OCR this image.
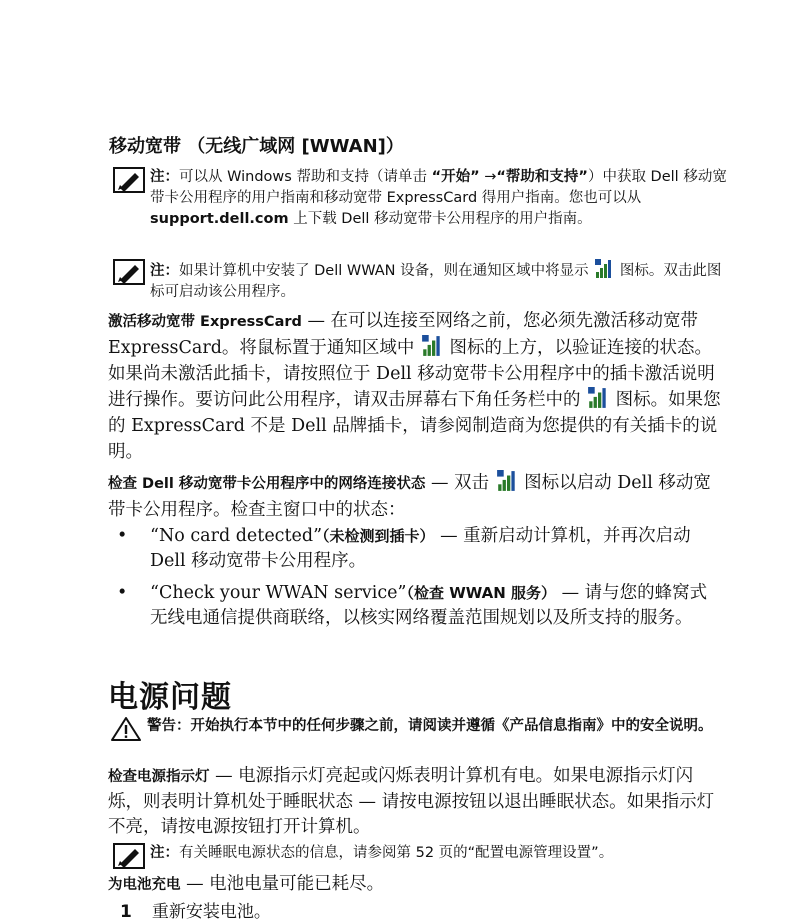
移动宽带 （无线广域网 [WWAN]）
注：可以从 Windows 帮助和支持（请单击 “开始” →“帮助和支持”）中获取 Dell 移动宽带卡公用程序的用户指南和移动宽带 ExpressCard 得用户指南。您也可以从 support.dell.com 上下载 Dell 移动宽带卡公用程序的用户指南。
注：如果计算机中安装了 Dell WWAN 设备，则在通知区域中将显示  图标。双击此图标可启动该公用程序。
激活移动宽带 ExpressCard — 在可以连接至网络之前，您必须先激活移动宽带 ExpressCard。将鼠标置于通知区域中  图标的上方，以验证连接的状态。如果尚未激活此插卡，请按照位于 Dell 移动宽带卡公用程序中的插卡激活说明进行操作。要访问此公用程序，请双击屏幕右下角任务栏中的  图标。如果您的 ExpressCard 不是 Dell 品牌插卡，请参阅制造商为您提供的有关插卡的说明。
检查 Dell 移动宽带卡公用程序中的网络连接状态 — 双击  图标以启动 Dell 移动宽带卡公用程序。检查主窗口中的状态：
• “No card detected”（未检测到插卡） — 重新启动计算机，并再次启动 Dell 移动宽带卡公用程序。
• “Check your WWAN service”（检查 WWAN 服务） — 请与您的蜂窝式无线电通信提供商联络，以核实网络覆盖范围规划以及所支持的服务。
电源问题
警告：开始执行本节中的任何步骤之前，请阅读并遵循《产品信息指南》中的安全说明。
检查电源指示灯 — 电源指示灯亮起或闪烁表明计算机有电。如果电源指示灯闪烁，则表明计算机处于睡眠状态 — 请按电源按钮以退出睡眠状态。如果指示灯不亮，请按电源按钮打开计算机。
注：有关睡眠电源状态的信息，请参阅第 52 页的“配置电源管理设置”。
为电池充电 — 电池电量可能已耗尽。
1 重新安装电池。
